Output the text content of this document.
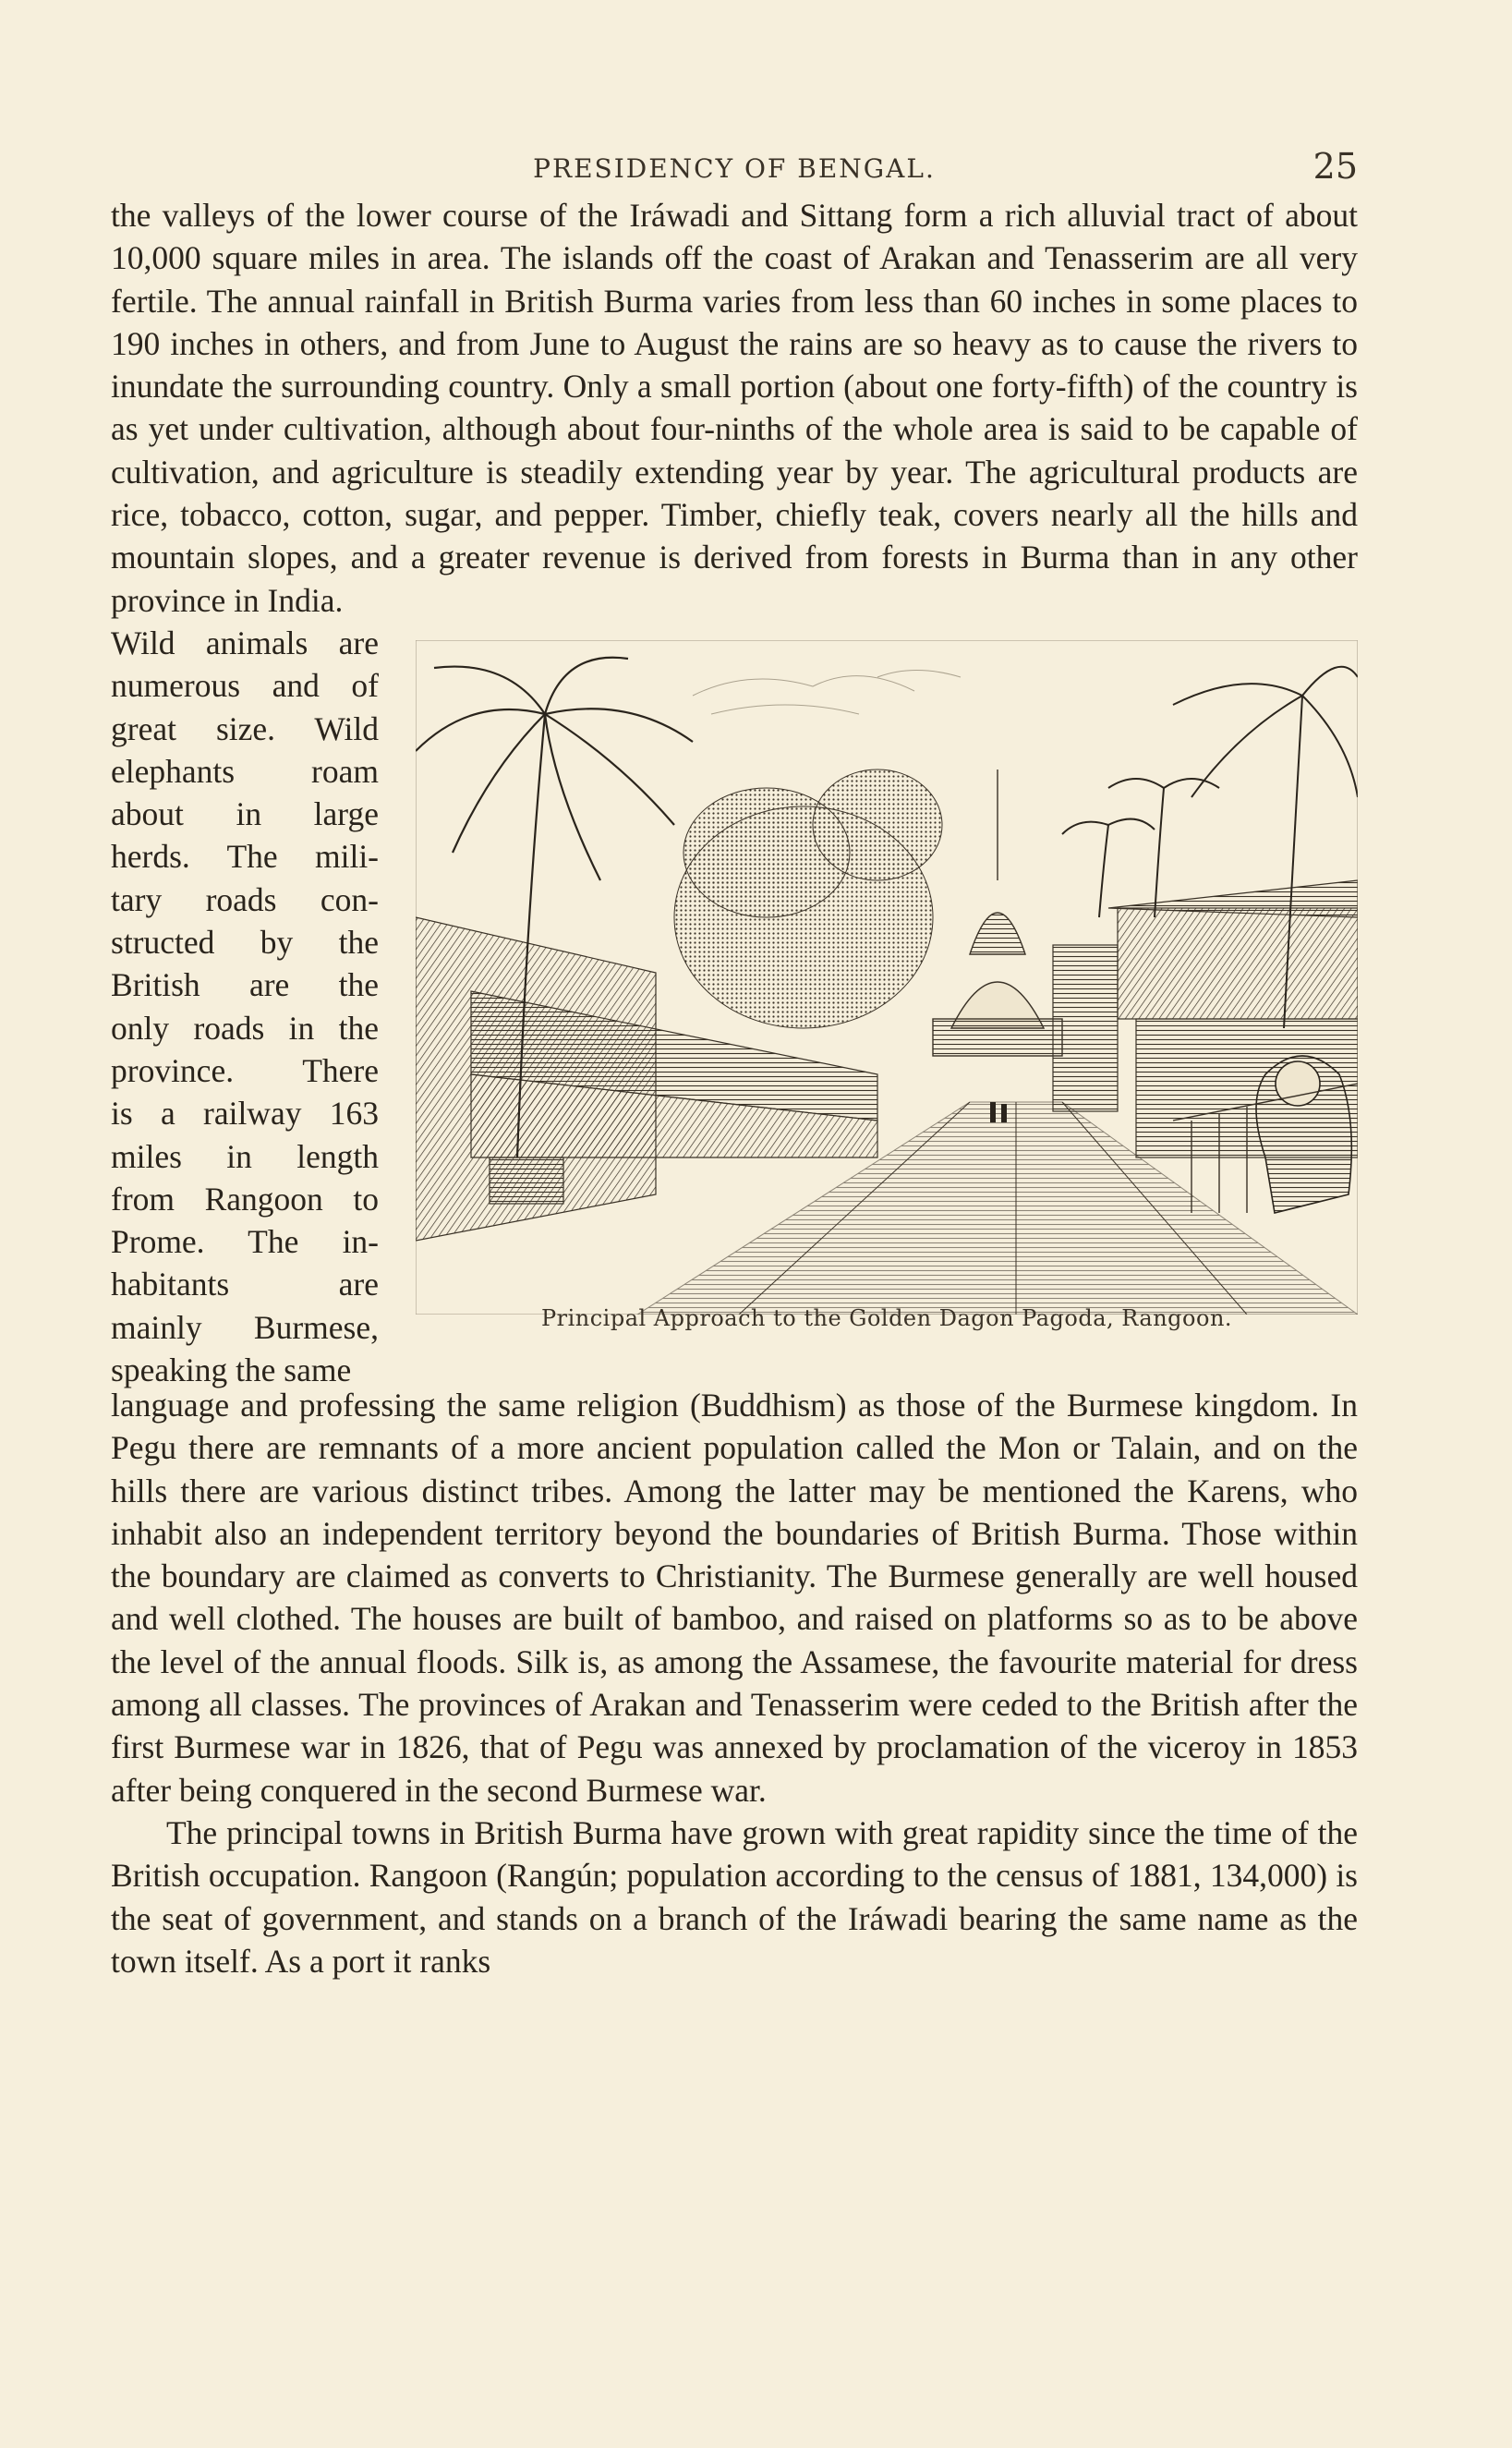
PRESIDENCY OF BENGAL.	25

the valleys of the lower course of the Iráwadi and Sittang form a rich alluvial tract of about 10,000 square miles in area. The islands off the coast of Arakan and Tenasserim are all very fertile. The annual rainfall in British Burma varies from less than 60 inches in some places to 190 inches in others, and from June to August the rains are so heavy as to cause the rivers to inundate the surrounding country. Only a small portion (about one forty-fifth) of the country is as yet under cultivation, although about four-ninths of the whole area is said to be capable of cultivation, and agriculture is steadily extending year by year. The agricultural products are rice, tobacco, cotton, sugar, and pepper. Timber, chiefly teak, covers nearly all the hills and mountain slopes, and a greater revenue is derived from forests in Burma than in any other province in India.

Wild animals are
numerous and of
great size. Wild
elephants roam
about in large
herds. The mili-
tary roads con-
structed by the
British are the
only roads in the
province. There
is a railway 163
miles in length
from Rangoon to
Prome. The in-
habitants are
mainly Burmese,
speaking the same
Principal Approach to the Golden Dagon Pagoda, Rangoon.

language and professing the same religion (Buddhism) as those of the Burmese kingdom. In Pegu there are remnants of a more ancient population called the Mon or Talain, and on the hills there are various distinct tribes. Among the latter may be mentioned the Karens, who inhabit also an independent territory beyond the boundaries of British Burma. Those within the boundary are claimed as converts to Christianity. The Burmese generally are well housed and well clothed. The houses are built of bamboo, and raised on platforms so as to be above the level of the annual floods. Silk is, as among the Assamese, the favourite material for dress among all classes. The provinces of Arakan and Tenasserim were ceded to the British after the first Burmese war in 1826, that of Pegu was annexed by proclamation of the viceroy in 1853 after being conquered in the second Burmese war.

The principal towns in British Burma have grown with great rapidity since the time of the British occupation. Rangoon (Rangún; population according to the census of 1881, 134,000) is the seat of government, and stands on a branch of the Iráwadi bearing the same name as the town itself. As a port it ranks
